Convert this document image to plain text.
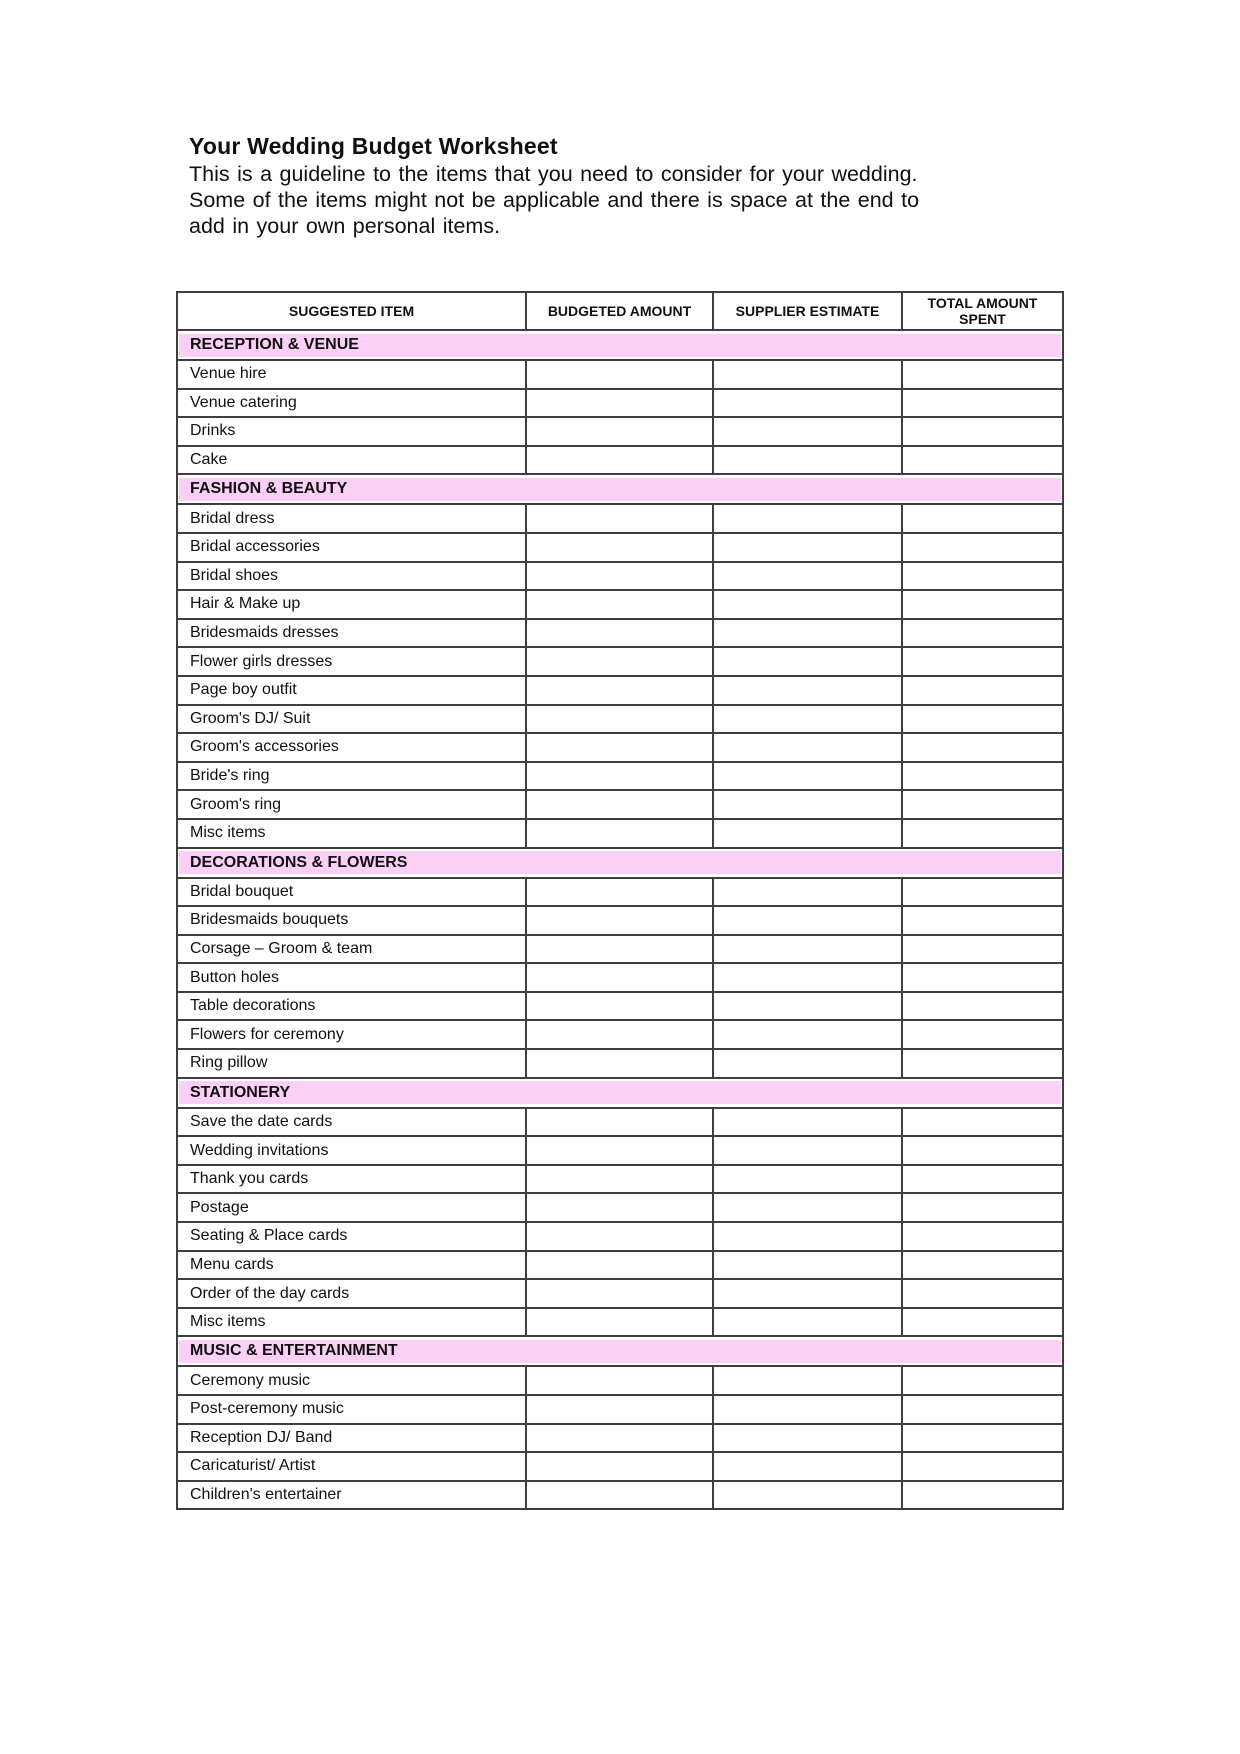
Your Wedding Budget Worksheet
This is a guideline to the items that you need to consider for your wedding.
Some of the items might not be applicable and there is space at the end to
add in your own personal items.
SUGGESTED ITEM	BUDGETED AMOUNT	SUPPLIER ESTIMATE	TOTAL AMOUNT SPENT

RECEPTION & VENUE			

Venue hire			
Venue catering			
Drinks			
Cake			

FASHION & BEAUTY			

Bridal dress			
Bridal accessories			
Bridal shoes			
Hair & Make up			
Bridesmaids dresses			
Flower girls dresses			
Page boy outfit			
Groom's DJ/ Suit			
Groom's accessories			
Bride's ring			
Groom's ring			
Misc items			

DECORATIONS & FLOWERS			

Bridal bouquet			
Bridesmaids bouquets			
Corsage – Groom & team			
Button holes			
Table decorations			
Flowers for ceremony			
Ring pillow			

STATIONERY			

Save the date cards			
Wedding invitations			
Thank you cards			
Postage			
Seating & Place cards			
Menu cards			
Order of the day cards			
Misc items			

MUSIC & ENTERTAINMENT			

Ceremony music			
Post-ceremony music			
Reception DJ/ Band			
Caricaturist/ Artist			
Children's entertainer			
